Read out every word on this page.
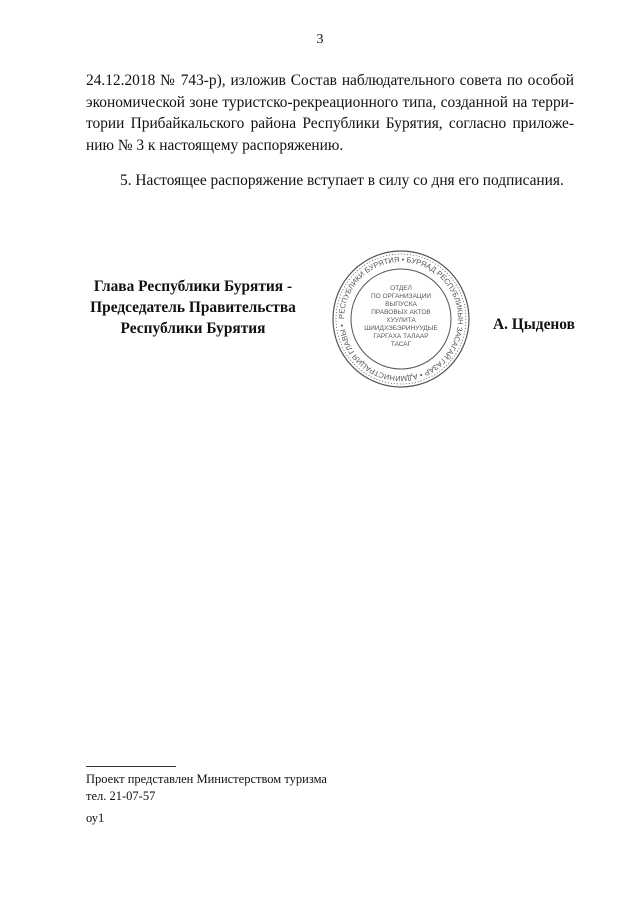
3
24.12.2018 № 743-р), изложив Состав наблюдательного совета по особой
экономической зоне туристско-рекреационного типа, созданной на терри-
тории Прибайкальского района Республики Бурятия, согласно приложе-
нию № 3 к настоящему распоряжению.
5. Настоящее распоряжение вступает в силу со дня его подписания.
Глава Республики Бурятия -
Председатель Правительства
Республики Бурятия
РЕСПУБЛИКИ БУРЯТИЯ • БУРЯАД РЕСПУБЛИКЫН ЗАСАГАЙ ГАЗАР • АДМИНИСТРАЦИЯ ГЛАВЫ •
ОТДЕЛ
ПО ОРГАНИЗАЦИИ
ВЫПУСКА
ПРАВОВЫХ АКТОВ
ХУУЛИТА
ШИИДХЭБЭРИНУУДЫЕ
ГАРГАХА ТАЛААР
ТАСАГ
А. Цыденов
Проект представлен Министерством туризма
тел. 21-07-57
оу1
